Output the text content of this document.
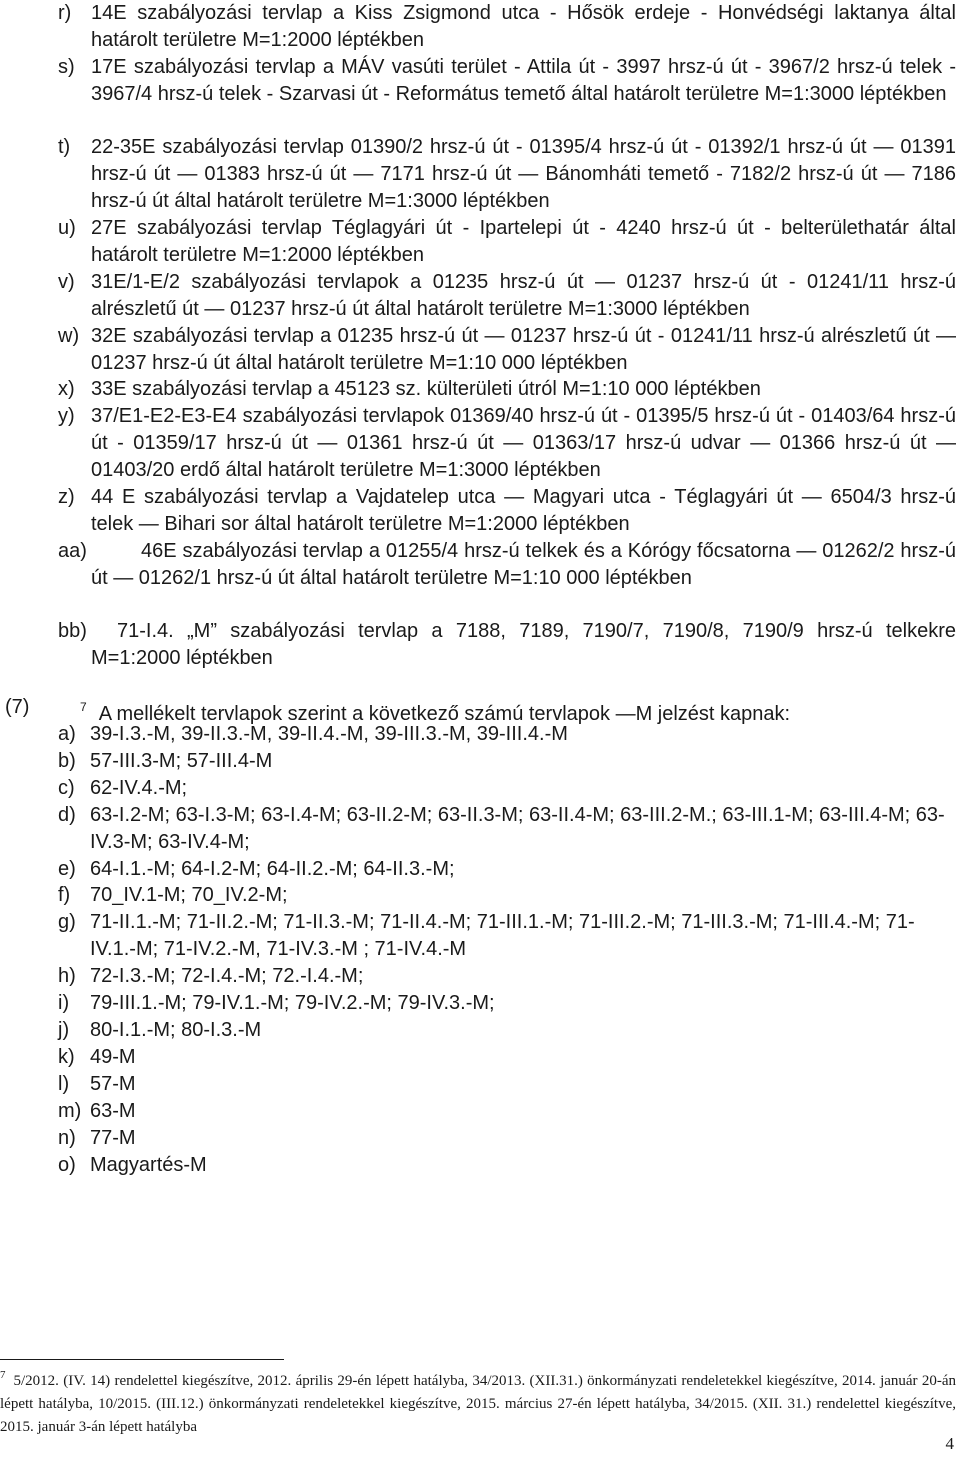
r) 14E szabályozási tervlap a Kiss Zsigmond utca - Hősök erdeje - Honvédségi laktanya által határolt területre M=1:2000 léptékben
s) 17E szabályozási tervlap a MÁV vasúti terület - Attila út - 3997 hrsz-ú út - 3967/2 hrsz-ú telek - 3967/4 hrsz-ú telek - Szarvasi út - Református temető által határolt területre M=1:3000 léptékben
t) 22-35E szabályozási tervlap 01390/2 hrsz-ú út - 01395/4 hrsz-ú út - 01392/1 hrsz-ú út — 01391 hrsz-ú út — 01383 hrsz-ú út — 7171 hrsz-ú út — Bánomháti temető - 7182/2 hrsz-ú út — 7186 hrsz-ú út által határolt területre M=1:3000 léptékben
u) 27E szabályozási tervlap Téglagyári út - Ipartelepi út - 4240 hrsz-ú út - belterülethatár által határolt területre M=1:2000 léptékben
v) 31E/1-E/2 szabályozási tervlapok a 01235 hrsz-ú út — 01237 hrsz-ú út - 01241/11 hrsz-ú alrészletű út — 01237 hrsz-ú út által határolt területre M=1:3000 léptékben
w) 32E szabályozási tervlap a 01235 hrsz-ú út — 01237 hrsz-ú út - 01241/11 hrsz-ú alrészletű út — 01237 hrsz-ú út által határolt területre M=1:10 000 léptékben
x) 33E szabályozási tervlap a 45123 sz. külterületi útról M=1:10 000 léptékben
y) 37/E1-E2-E3-E4 szabályozási tervlapok 01369/40 hrsz-ú út - 01395/5 hrsz-ú út - 01403/64 hrsz-ú út - 01359/17 hrsz-ú út — 01361 hrsz-ú út — 01363/17 hrsz-ú udvar — 01366 hrsz-ú út — 01403/20 erdő által határolt területre M=1:3000 léptékben
z) 44 E szabályozási tervlap a Vajdatelep utca — Magyari utca - Téglagyári út — 6504/3 hrsz-ú telek — Bihari sor által határolt területre M=1:2000 léptékben
aa)	46E szabályozási tervlap a 01255/4 hrsz-ú telkek és a Kórógy főcsatorna — 01262/2 hrsz-ú út — 01262/1 hrsz-ú út által határolt területre M=1:10 000 léptékben
bb)	71-I.4. „M” szabályozási tervlap a 7188, 7189, 7190/7, 7190/8, 7190/9 hrsz-ú telkekre M=1:2000 léptékben
(7)	$^7$ A mellékelt tervlapok szerint a következő számú tervlapok —M jelzést kapnak:
a) 39-I.3.-M, 39-II.3.-M, 39-II.4.-M, 39-III.3.-M, 39-III.4.-M
b) 57-III.3-M; 57-III.4-M
c) 62-IV.4.-M;
d) 63-I.2-M; 63-I.3-M; 63-I.4-M; 63-II.2-M; 63-II.3-M; 63-II.4-M; 63-III.2-M.; 63-III.1-M; 63-III.4-M; 63-IV.3-M; 63-IV.4-M;
e) 64-I.1.-M; 64-I.2-M; 64-II.2.-M; 64-II.3.-M;
f) 70_IV.1-M; 70_IV.2-M;
g) 71-II.1.-M; 71-II.2.-M; 71-II.3.-M; 71-II.4.-M; 71-III.1.-M; 71-III.2.-M; 71-III.3.-M; 71-III.4.-M; 71-IV.1.-M; 71-IV.2.-M, 71-IV.3.-M ; 71-IV.4.-M
h) 72-I.3.-M; 72-I.4.-M; 72.-I.4.-M;
i) 79-III.1.-M; 79-IV.1.-M; 79-IV.2.-M; 79-IV.3.-M;
j) 80-I.1.-M; 80-I.3.-M
k) 49-M
l) 57-M
m) 63-M
n) 77-M
o) Magyartés-M
$^7$ 5/2012. (IV. 14) rendelettel kiegészítve, 2012. április 29-én lépett hatályba, 34/2013. (XII.31.) önkormányzati rendeletekkel kiegészítve, 2014. január 20-án lépett hatályba, 10/2015. (III.12.) önkormányzati rendeletekkel kiegészítve, 2015. március 27-én lépett hatályba, 34/2015. (XII. 31.) rendelettel kiegészítve, 2015. január 3-án lépett hatályba
4
